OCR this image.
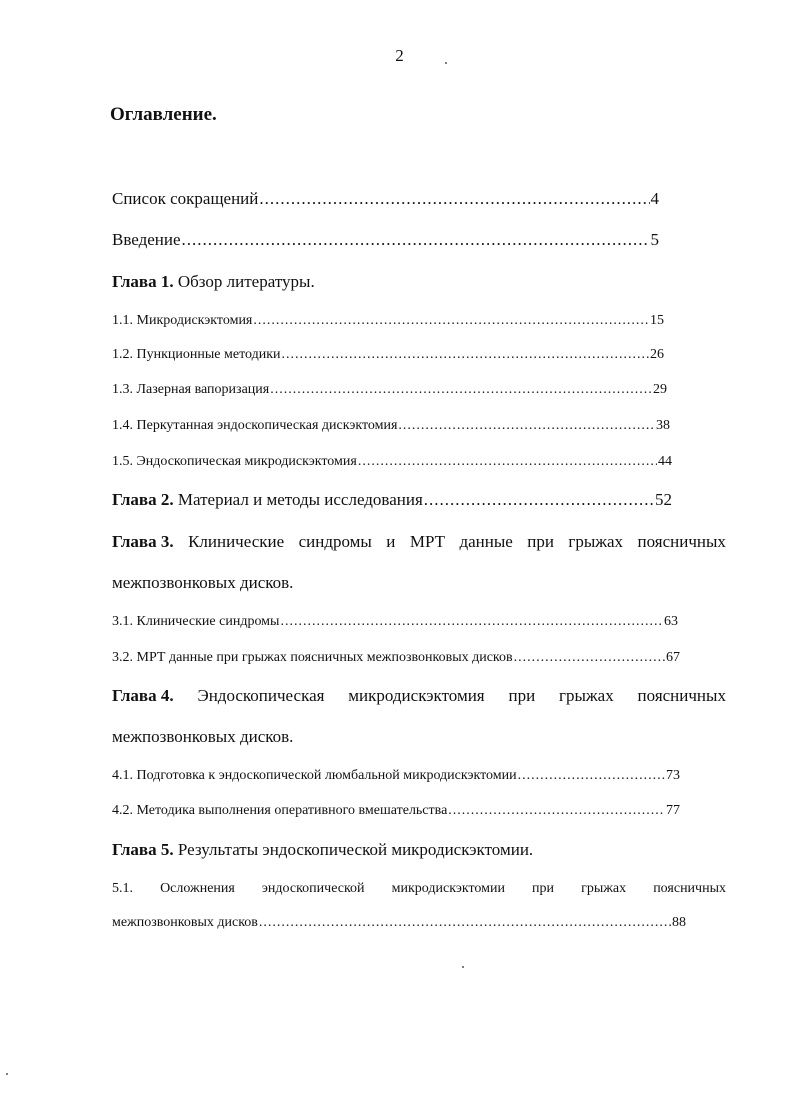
2
Оглавление.
Список сокращений .....	4
Введение .....	5
Глава 1. Обзор литературы.
1.1. Микродискэктомия .....	15
1.2. Пункционные методики .....	26
1.3. Лазерная вапоризация .....	29
1.4. Перкутанная эндоскопическая дискэктомия .....	38
1.5. Эндоскопическая микродискэктомия .....	44
Глава 2. Материал и методы исследования .....	52
Глава 3. Клинические синдромы и МРТ данные при грыжах поясничных
межпозвонковых дисков.
3.1. Клинические синдромы .....	63
3.2. МРТ данные при грыжах поясничных межпозвонковых дисков .....	67
Глава 4. Эндоскопическая микродискэктомия при грыжах поясничных
межпозвонковых дисков.
4.1. Подготовка к эндоскопической люмбальной микродискэктомии .....	73
4.2. Методика выполнения оперативного вмешательства .....	77
Глава 5. Результаты эндоскопической микродискэктомии.
5.1. Осложнения эндоскопической микродискэктомии при грыжах поясничных
межпозвонковых дисков .....	88
